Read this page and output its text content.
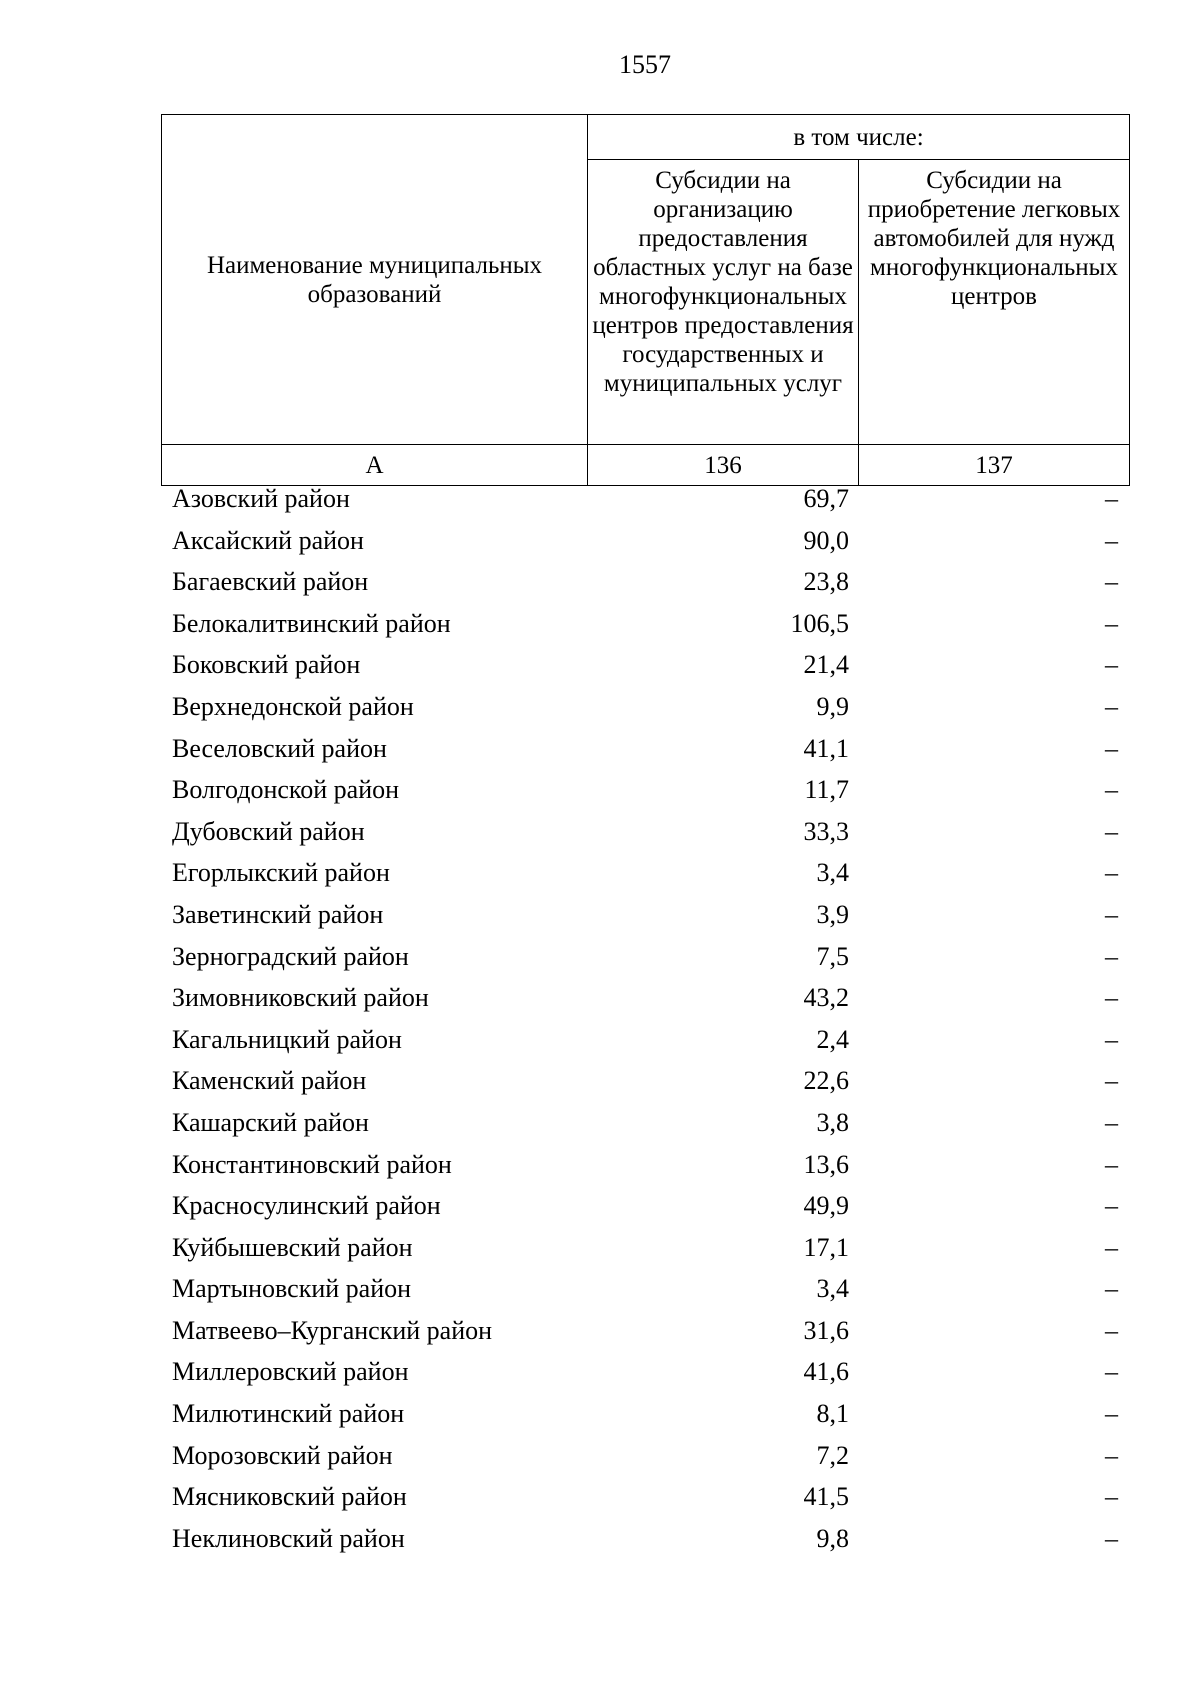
1557
Наименование муниципальных образований	в том числе:	
	Субсидии на организацию предоставления областных услуг на базе многофункциональных центров предоставления государственных и муниципальных услуг	Субсидии на приобретение легковых автомобилей для нужд многофункциональных центров
А	136	137
Азовский район	69,7	–
Аксайский район	90,0	–
Багаевский район	23,8	–
Белокалитвинский район	106,5	–
Боковский район	21,4	–
Верхнедонской район	9,9	–
Веселовский район	41,1	–
Волгодонской район	11,7	–
Дубовский район	33,3	–
Егорлыкский район	3,4	–
Заветинский район	3,9	–
Зерноградский район	7,5	–
Зимовниковский район	43,2	–
Кагальницкий район	2,4	–
Каменский район	22,6	–
Кашарский район	3,8	–
Константиновский район	13,6	–
Красносулинский район	49,9	–
Куйбышевский район	17,1	–
Мартыновский район	3,4	–
Матвеево–Курганский район	31,6	–
Миллеровский район	41,6	–
Милютинский район	8,1	–
Морозовский район	7,2	–
Мясниковский район	41,5	–
Неклиновский район	9,8	–
